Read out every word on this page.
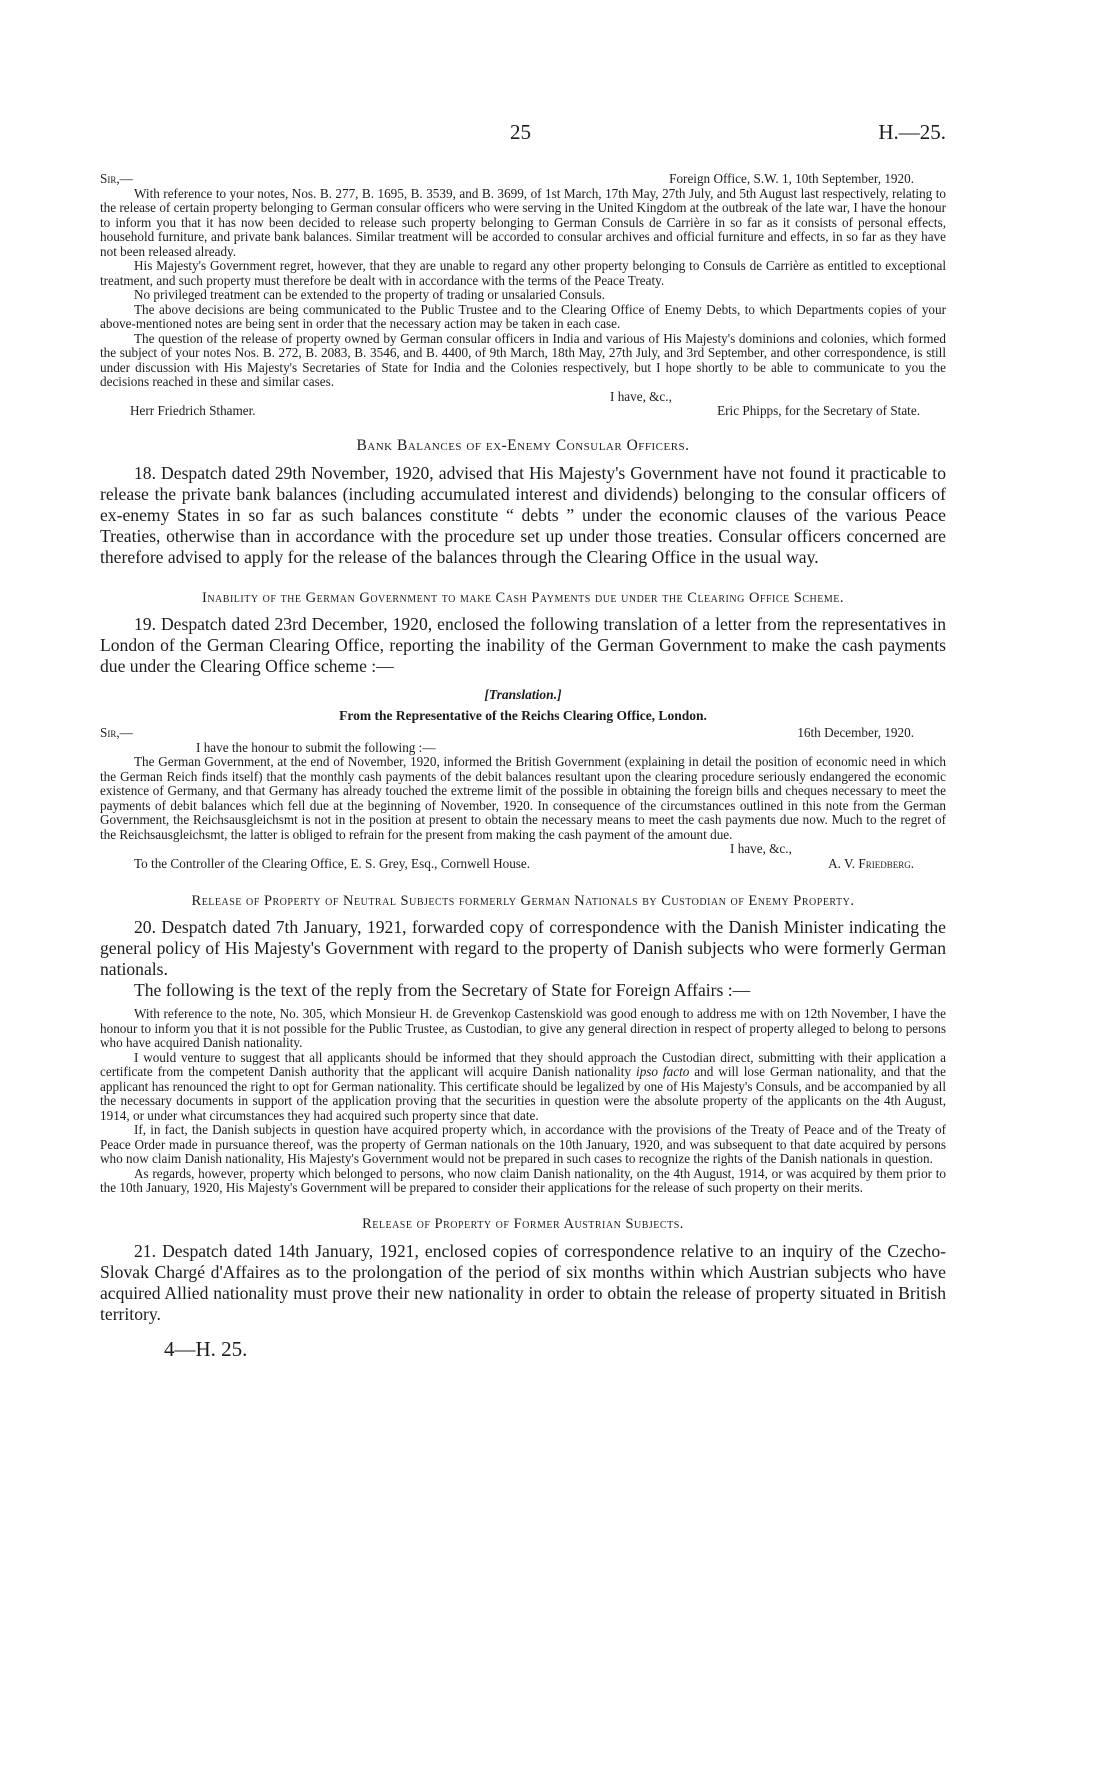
25	H.—25.
Sir,—	Foreign Office, S.W. 1, 10th September, 1920.

With reference to your notes, Nos. B. 277, B. 1695, B. 3539, and B. 3699, of 1st March, 17th May, 27th July, and 5th August last respectively, relating to the release of certain property belonging to German consular officers who were serving in the United Kingdom at the outbreak of the late war, I have the honour to inform you that it has now been decided to release such property belonging to German Consuls de Carrière in so far as it consists of personal effects, household furniture, and private bank balances. Similar treatment will be accorded to consular archives and official furniture and effects, in so far as they have not been released already.

His Majesty's Government regret, however, that they are unable to regard any other property belonging to Consuls de Carrière as entitled to exceptional treatment, and such property must therefore be dealt with in accordance with the terms of the Peace Treaty.

No privileged treatment can be extended to the property of trading or unsalaried Consuls.

The above decisions are being communicated to the Public Trustee and to the Clearing Office of Enemy Debts, to which Departments copies of your above-mentioned notes are being sent in order that the necessary action may be taken in each case.

The question of the release of property owned by German consular officers in India and various of His Majesty's dominions and colonies, which formed the subject of your notes Nos. B. 272, B. 2083, B. 3546, and B. 4400, of 9th March, 18th May, 27th July, and 3rd September, and other correspondence, is still under discussion with His Majesty's Secretaries of State for India and the Colonies respectively, but I hope shortly to be able to communicate to you the decisions reached in these and similar cases.

I have, &c.,
Herr Friedrich Sthamer.	Eric Phipps, for the Secretary of State.
Bank Balances of ex-Enemy Consular Officers.

18. Despatch dated 29th November, 1920, advised that His Majesty's Government have not found it practicable to release the private bank balances (including accumulated interest and dividends) belonging to the consular officers of ex-enemy States in so far as such balances constitute “ debts ” under the economic clauses of the various Peace Treaties, otherwise than in accordance with the procedure set up under those treaties. Consular officers concerned are therefore advised to apply for the release of the balances through the Clearing Office in the usual way.

Inability of the German Government to make Cash Payments due under the Clearing Office Scheme.

19. Despatch dated 23rd December, 1920, enclosed the following translation of a letter from the representatives in London of the German Clearing Office, reporting the inability of the German Government to make the cash payments due under the Clearing Office scheme :—

[Translation.]
From the Representative of the Reichs Clearing Office, London.
Sir,—	16th December, 1920.

I have the honour to submit the following :—

The German Government, at the end of November, 1920, informed the British Government (explaining in detail the position of economic need in which the German Reich finds itself) that the monthly cash payments of the debit balances resultant upon the clearing procedure seriously endangered the economic existence of Germany, and that Germany has already touched the extreme limit of the possible in obtaining the foreign bills and cheques necessary to meet the payments of debit balances which fell due at the beginning of November, 1920. In consequence of the circumstances outlined in this note from the German Government, the Reichsausgleichsmt is not in the position at present to obtain the necessary means to meet the cash payments due now. Much to the regret of the Reichsausgleichsmt, the latter is obliged to refrain for the present from making the cash payment of the amount due.

I have, &c.,
To the Controller of the Clearing Office, E. S. Grey, Esq., Cornwell House.	A. V. Friedberg.
Release of Property of Neutral Subjects formerly German Nationals by Custodian of Enemy Property.

20. Despatch dated 7th January, 1921, forwarded copy of correspondence with the Danish Minister indicating the general policy of His Majesty's Government with regard to the property of Danish subjects who were formerly German nationals.

The following is the text of the reply from the Secretary of State for Foreign Affairs :—

With reference to the note, No. 305, which Monsieur H. de Grevenkop Castenskiold was good enough to address me with on 12th November, I have the honour to inform you that it is not possible for the Public Trustee, as Custodian, to give any general direction in respect of property alleged to belong to persons who have acquired Danish nationality.

I would venture to suggest that all applicants should be informed that they should approach the Custodian direct, submitting with their application a certificate from the competent Danish authority that the applicant will acquire Danish nationality ipso facto and will lose German nationality, and that the applicant has renounced the right to opt for German nationality. This certificate should be legalized by one of His Majesty's Consuls, and be accompanied by all the necessary documents in support of the application proving that the securities in question were the absolute property of the applicants on the 4th August, 1914, or under what circumstances they had acquired such property since that date.

If, in fact, the Danish subjects in question have acquired property which, in accordance with the provisions of the Treaty of Peace and of the Treaty of Peace Order made in pursuance thereof, was the property of German nationals on the 10th January, 1920, and was subsequent to that date acquired by persons who now claim Danish nationality, His Majesty's Government would not be prepared in such cases to recognize the rights of the Danish nationals in question.

As regards, however, property which belonged to persons, who now claim Danish nationality, on the 4th August, 1914, or was acquired by them prior to the 10th January, 1920, His Majesty's Government will be prepared to consider their applications for the release of such property on their merits.

Release of Property of Former Austrian Subjects.

21. Despatch dated 14th January, 1921, enclosed copies of correspondence relative to an inquiry of the Czecho-Slovak Chargé d'Affaires as to the prolongation of the period of six months within which Austrian subjects who have acquired Allied nationality must prove their new nationality in order to obtain the release of property situated in British territory.

4—H. 25.
